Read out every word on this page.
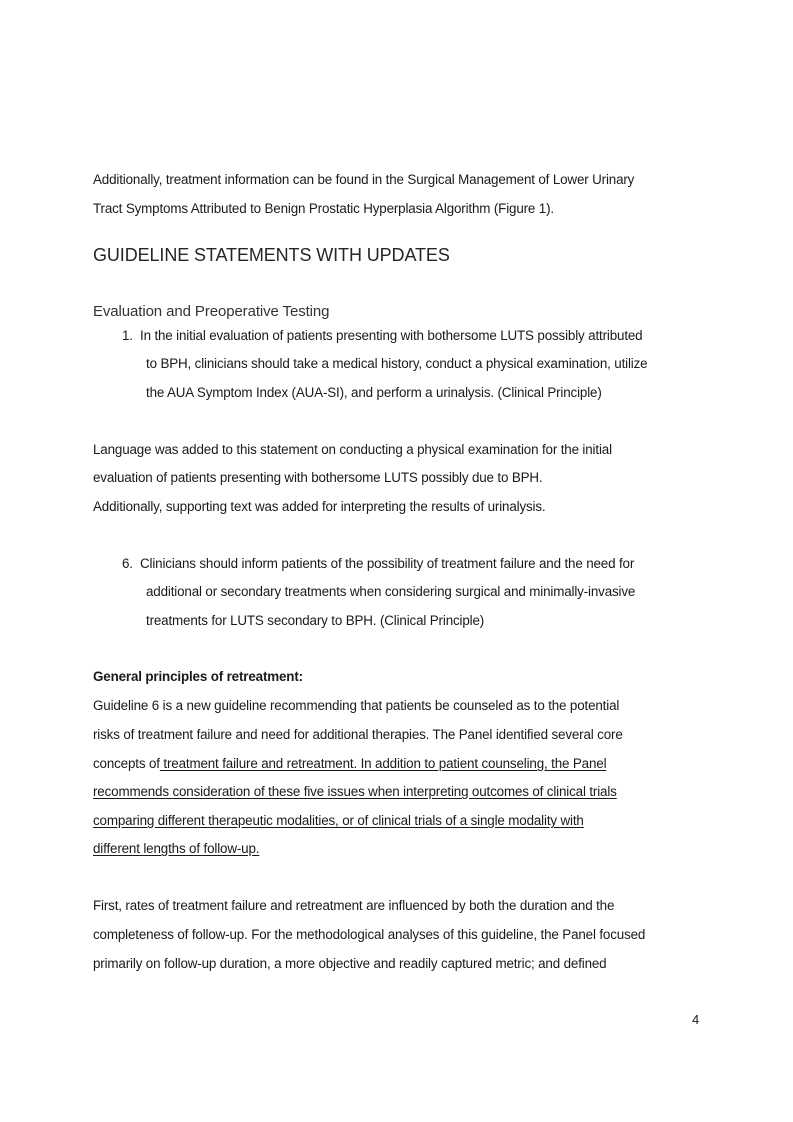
Additionally, treatment information can be found in the Surgical Management of Lower Urinary
Tract Symptoms Attributed to Benign Prostatic Hyperplasia Algorithm (Figure 1).
GUIDELINE STATEMENTS WITH UPDATES
Evaluation and Preoperative Testing
1. In the initial evaluation of patients presenting with bothersome LUTS possibly attributed
to BPH, clinicians should take a medical history, conduct a physical examination, utilize
the AUA Symptom Index (AUA-SI), and perform a urinalysis. (Clinical Principle)
Language was added to this statement on conducting a physical examination for the initial
evaluation of patients presenting with bothersome LUTS possibly due to BPH.
Additionally, supporting text was added for interpreting the results of urinalysis.
6. Clinicians should inform patients of the possibility of treatment failure and the need for
additional or secondary treatments when considering surgical and minimally-invasive
treatments for LUTS secondary to BPH. (Clinical Principle)
General principles of retreatment:
Guideline 6 is a new guideline recommending that patients be counseled as to the potential
risks of treatment failure and need for additional therapies. The Panel identified several core
concepts of treatment failure and retreatment. In addition to patient counseling, the Panel
recommends consideration of these five issues when interpreting outcomes of clinical trials
comparing different therapeutic modalities, or of clinical trials of a single modality with
different lengths of follow-up.
First, rates of treatment failure and retreatment are influenced by both the duration and the
completeness of follow-up. For the methodological analyses of this guideline, the Panel focused
primarily on follow-up duration, a more objective and readily captured metric; and defined
4
